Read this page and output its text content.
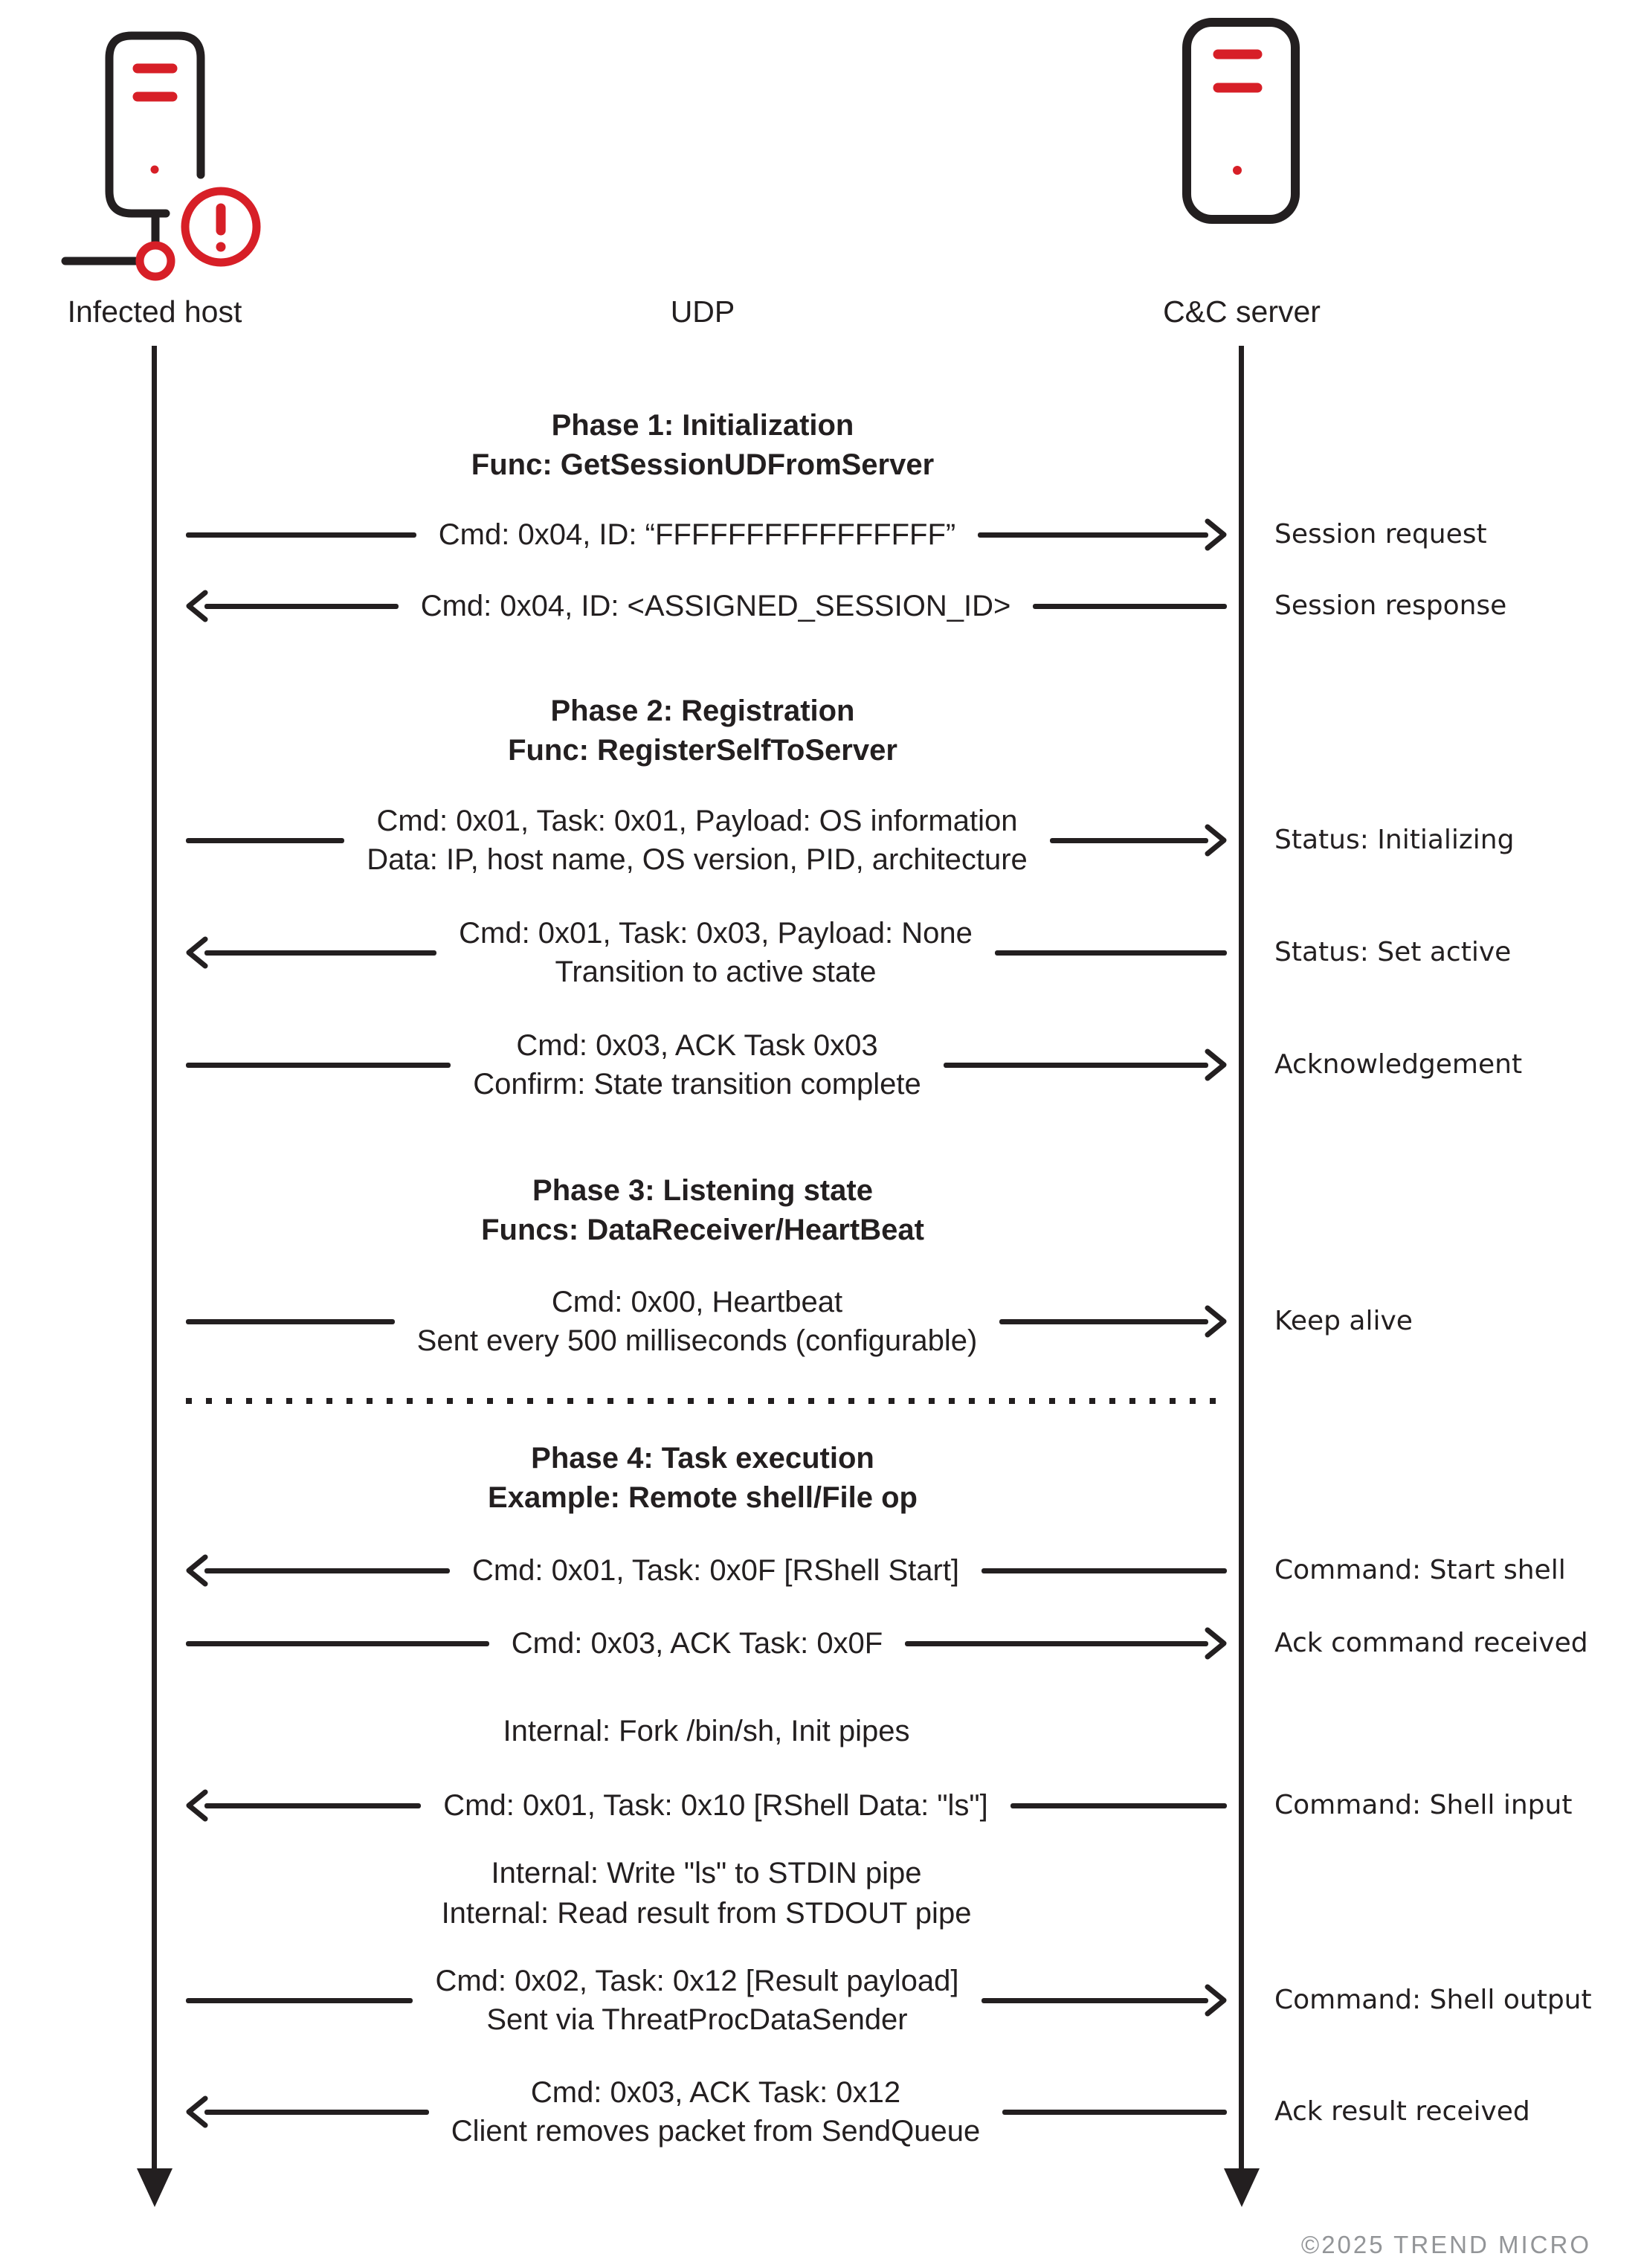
Infected host	UDP	C&C server
Phase 1: Initialization
Func: GetSessionUDFromServer
Phase 2: Registration
Func: RegisterSelfToServer
Phase 3: Listening state
Funcs: DataReceiver/HeartBeat
Phase 4: Task execution
Example: Remote shell/File op
Cmd: 0x04, ID: “FFFFFFFFFFFFFFFF”
Cmd: 0x04, ID: <ASSIGNED_SESSION_ID>
Cmd: 0x01, Task: 0x01, Payload: OS information
Data: IP, host name, OS version, PID, architecture
Cmd: 0x01, Task: 0x03, Payload: None
Transition to active state
Cmd: 0x03, ACK Task 0x03
Confirm: State transition complete
Cmd: 0x00, Heartbeat
Sent every 500 milliseconds (configurable)
Cmd: 0x01, Task: 0x0F [RShell Start]
Cmd: 0x03, ACK Task: 0x0F
Internal: Fork /bin/sh, Init pipes
Cmd: 0x01, Task: 0x10 [RShell Data: "ls"]
Internal: Write "ls" to STDIN pipe
Internal: Read result from STDOUT pipe
Cmd: 0x02, Task: 0x12 [Result payload]
Sent via ThreatProcDataSender
Cmd: 0x03, ACK Task: 0x12
Client removes packet from SendQueue
Session request
Session response
Status: Initializing
Status: Set active
Acknowledgement
Keep alive
Command: Start shell
Ack command received
Command: Shell input
Command: Shell output
Ack result received
©2025 TREND MICRO
